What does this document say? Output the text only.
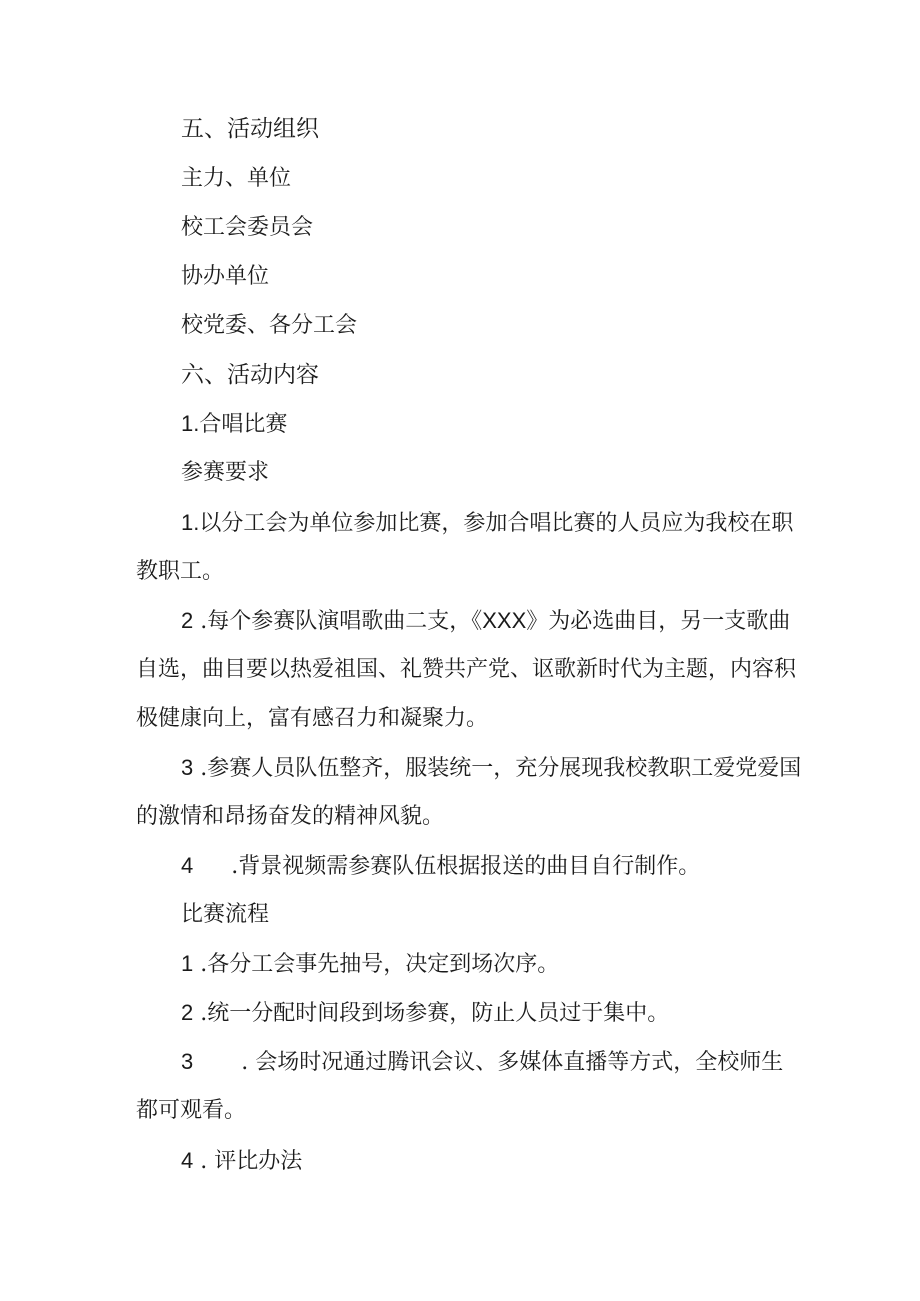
五、活动组织
主力、单位
校工会委员会
协办单位
校党委、各分工会
六、活动内容
1.合唱比赛
参赛要求
1.以分工会为单位参加比赛，参加合唱比赛的人员应为我校在职
教职工。
2 .每个参赛队演唱歌曲二支，《XXX》为必选曲目，另一支歌曲
自选，曲目要以热爱祖国、礼赞共产党、讴歌新时代为主题，内容积
极健康向上，富有感召力和凝聚力。
3 .参赛人员队伍整齐，服装统一，充分展现我校教职工爱党爱国
的激情和昂扬奋发的精神风貌。
4 .背景视频需参赛队伍根据报送的曲目自行制作。
比赛流程
1 .各分工会事先抽号，决定到场次序。
2 .统一分配时间段到场参赛，防止人员过于集中。
3 . 会场时况通过腾讯会议、多媒体直播等方式，全校师生
都可观看。
4 . 评比办法
